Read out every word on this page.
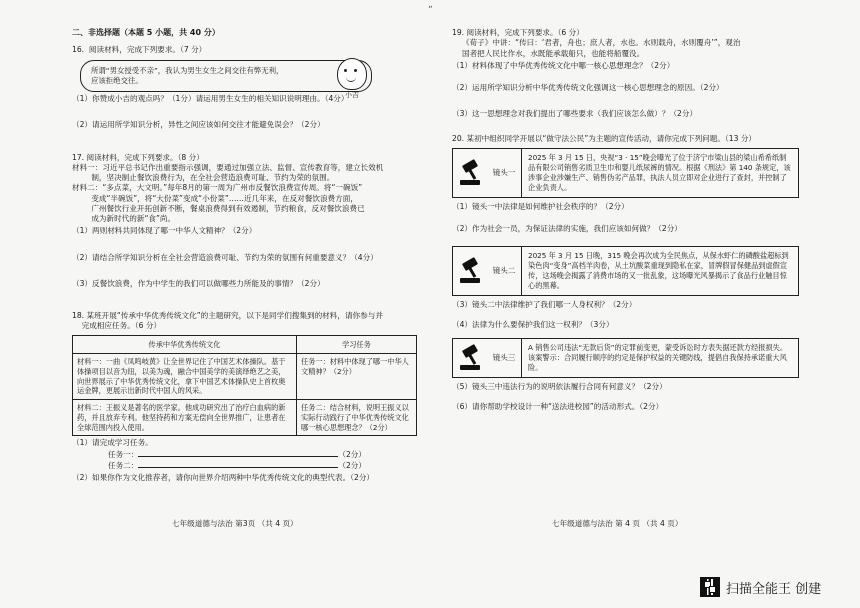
„
二、非选择题（本题 5 小题，共 40 分）
16.  阅读材料，完成下列要求。（7 分）
所谓“男女授受不亲”，我认为男生女生之间交往有弊无利，
应该拒绝交往。
（1）你赞成小吉的观点吗？（1分）请运用男生女生的相关知识说明理由。（4分）
（2）请运用所学知识分析，异性之间应该如何交往才能避免误会？（2分）
17. 阅读材料，完成下列要求。（8 分）
材料一：习近平总书记作出重要指示强调，要通过加强立法、监督、宣传教育等，建立长效机
制，坚决制止餐饮浪费行为，在全社会营造浪费可耻、节约为荣的氛围。
材料二：“多点菜，大文明。”每年8月的第一周为广州市反餐饮浪费宣传周。将“一碗饭”
变成“半碗饭”，将“大份菜”变成“小份菜”……近几年来，在反对餐饮浪费方面，
广州餐饮行业开拓创新不断，餐桌浪费得到有效遏制，节约粮食，反对餐饮浪费已
成为新时代的新“食”尚。
（1）两则材料共同体现了哪一中华人文精神？（2分）
（2）请结合所学知识分析在全社会营造浪费可耻、节约为荣的氛围有何重要意义？（4分）
（3）反餐饮浪费，作为中学生的我们可以做哪些力所能及的事情？（2分）
18. 某班开展“传承中华优秀传统文化”的主题研究，以下是同学们搜集到的材料，请你参与并
完成相应任务。（6 分）
传承中华优秀传统文化	学习任务
材料一：一曲《凤鸣岐黄》让全世界记住了中国艺术体操队。基于体操项目以音为纽，以美为魂，融合中国美学的美演绎绝艺之美，向世界展示了中华优秀传统文化，拿下中国艺术体操队史上首枚奥运金牌，更展示出新时代中国人的风采。	任务一：材料中体现了哪一中华人文精神？（2分）
材料二：王振义是著名的医学家。他成功研究出了治疗白血病的新药，并且放弃专利。他坚持药和方案无偿向全世界推广，让患者在全球范围内投入使用。	任务二：结合材料，说明王振义以实际行动践行了中华优秀传统文化哪一核心思想理念？（2分）
（1）请完成学习任务。
任务一：	（2分）
任务二：	（2分）
（2）如果你作为文化推荐者，请你向世界介绍两种中华优秀传统文化的典型代表。（2分）
小吉
七年级道德与法治 第3页 （共 4 页）
19. 阅读材料，完成下列要求。（6 分）
《荀子》中讲：“传曰：‘君者，舟也；庶人者，水也。水则载舟，水则覆舟’”，观治
国者把人民比作水，水既能承载船只，也能将船覆没。
（1）材料体现了中华优秀传统文化中哪一核心思想理念？（2分）
（2）运用所学知识分析中华优秀传统文化强调这一核心思想理念的原因。（2分）
（3）这一思想理念对我们提出了哪些要求（我们应该怎么做）？（2分）
20. 某初中组织同学开展以“做守法公民”为主题的宣传活动，请你完成下列问题。（13 分）
镜头一
2025 年 3 月 15 日，央视“3 · 15”晚会曝光了位于济宁市梁山县的梁山希希纸制品有限公司销售劣质卫生巾和婴儿纸尿裤的情况。根据《刑法》第 140 条规定，该涉事企业涉嫌生产、销售伪劣产品罪，执法人员立即对企业进行了查封，并控制了企业负责人。
（1）镜头一中法律是如何维护社会秩序的？（2分）
（2）作为社会一员，为保证法律的实施，我们应该如何做？（2分）
镜头二
2025 年 3 月 15 日晚，315 晚会再次成为全民焦点，从保水虾仁的磷酸盐超标到染色肉“变身”高档羊肉卷，从土坑酸菜重现到隐私在家，冒牌假冒保健品到虚假宣传，这场晚会揭露了消费市场的又一批乱象，这场曝光风暴揭示了食品行业触目惊心的黑幕。
（3）镜头二中法律维护了我们哪一人身权利？（2分）
（4）法律为什么要保护我们这一权利？（3分）
镜头三
A 销售公司违法“无款后货”的定罪前变更，蒙受诉讼时方表失据还款方经报损失。该案警示：合同履行顺序的约定是保护权益的关键防线，提倡自我保持承诺重大风险。
（5）镜头三中违法行为的说明依法履行合同有何意义？（2分）
（6）请你帮助学校设计一种“送法进校园”的活动形式。（2分）
七年级道德与法治 第 4 页 （共 4 页）
扫描全能王 创建
